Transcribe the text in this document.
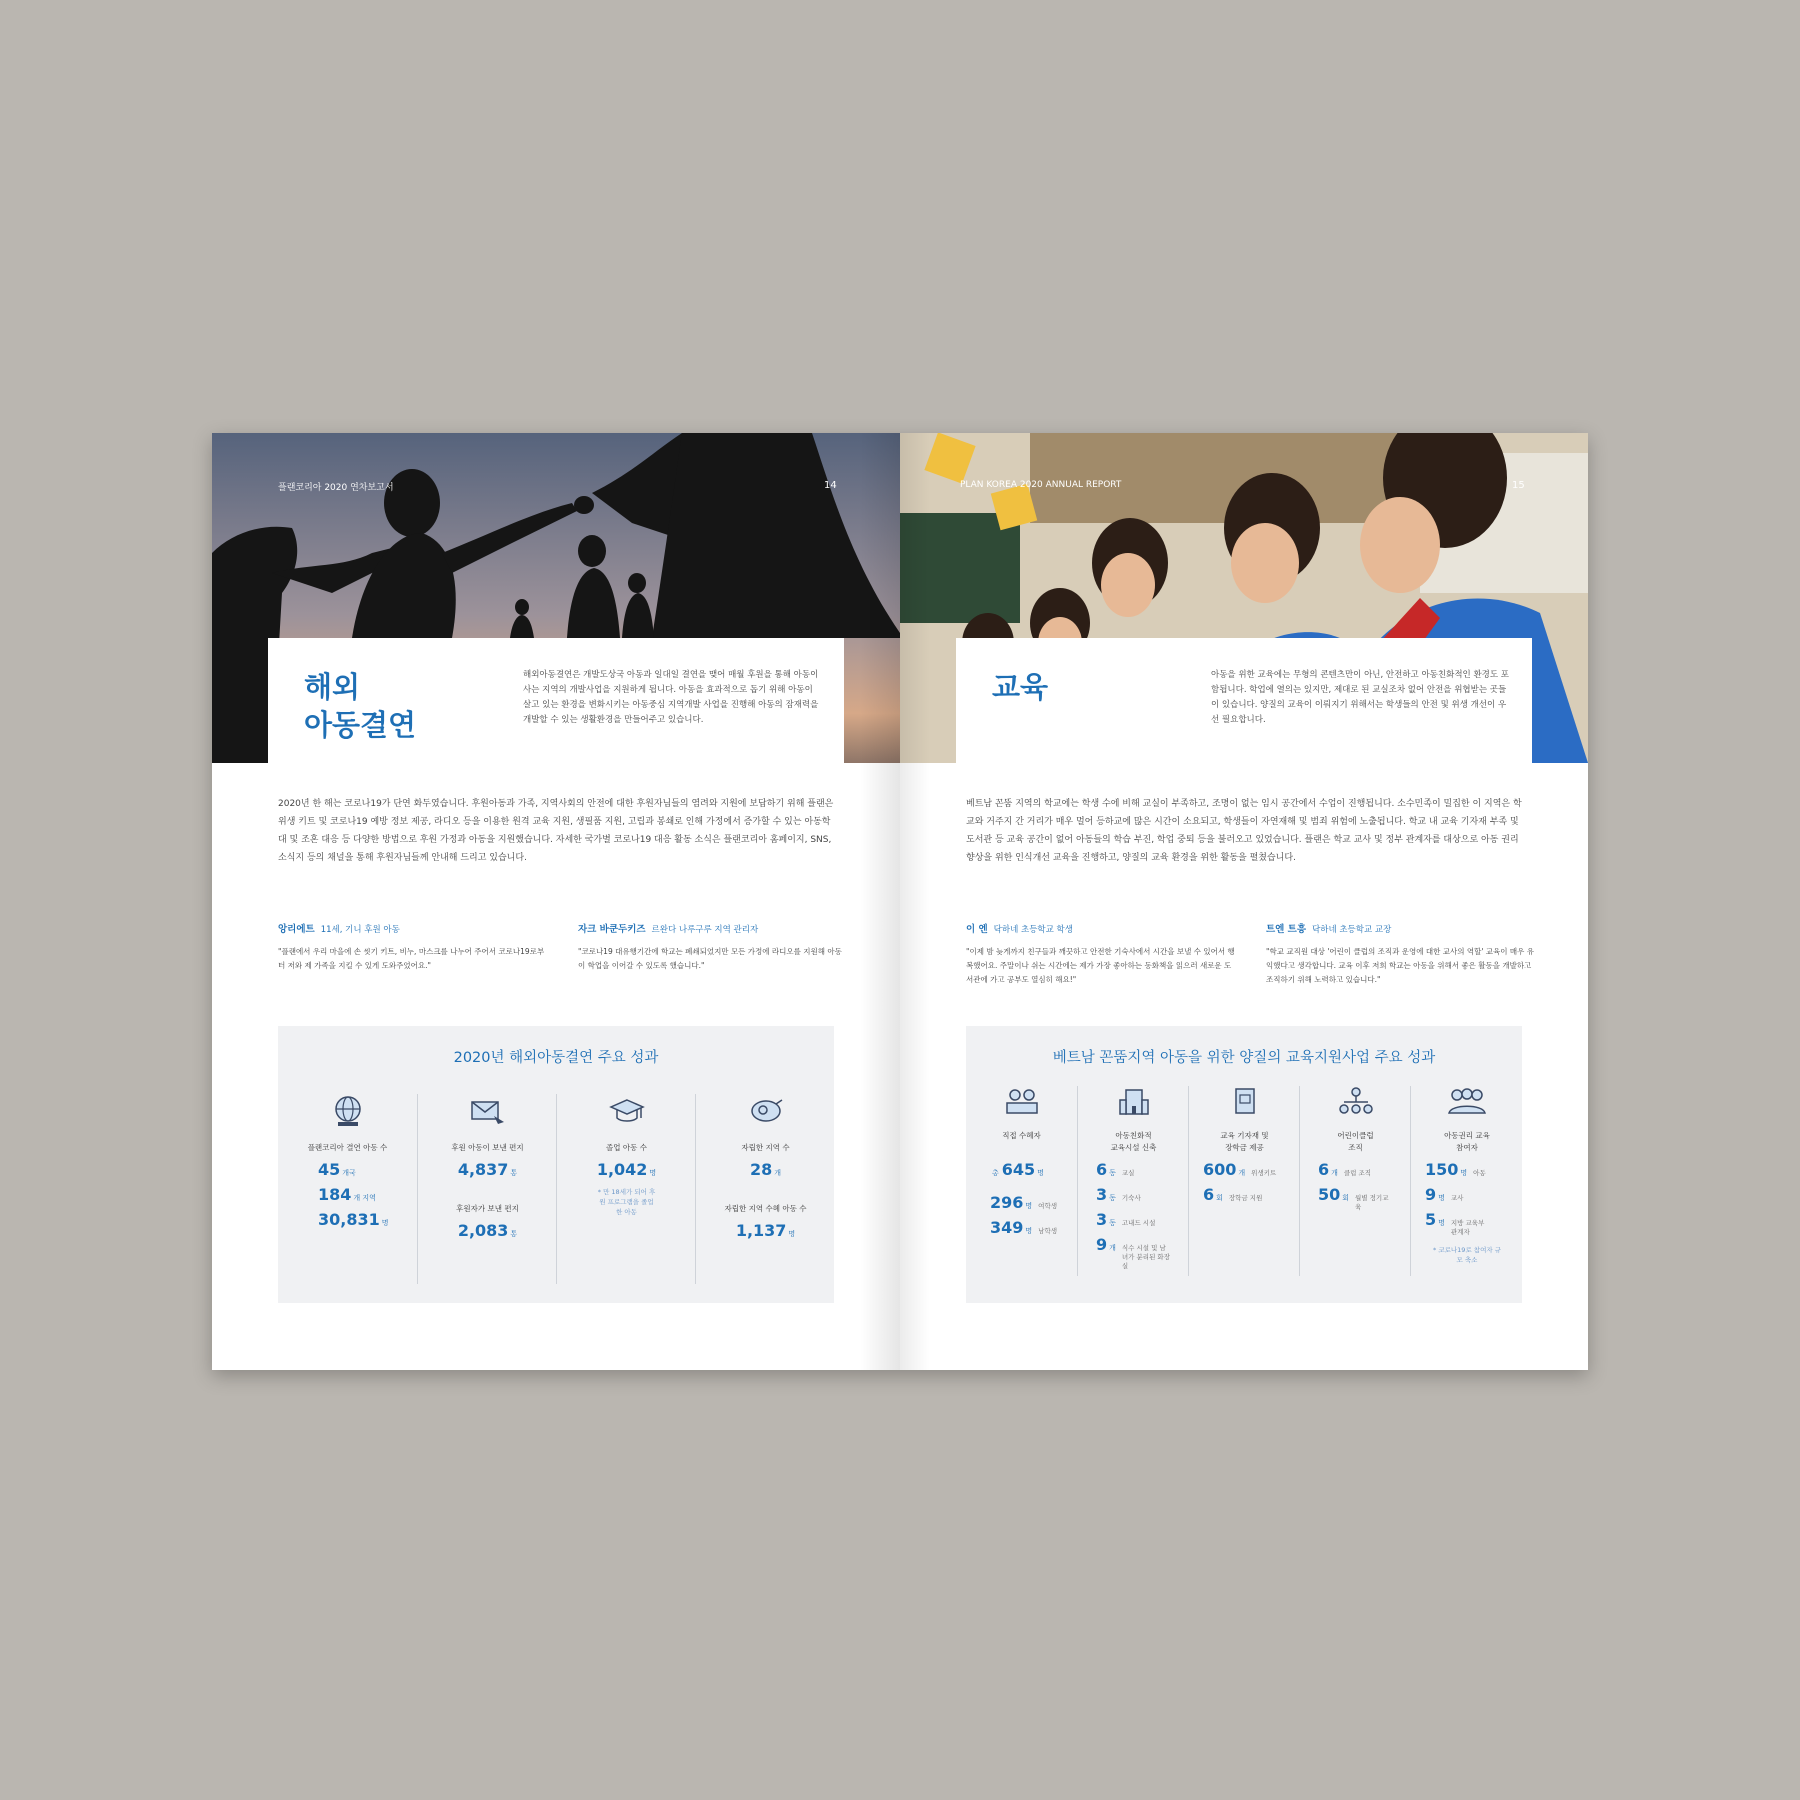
플랜코리아 2020 연차보고서	14
해외
아동결연
해외아동결연은 개발도상국 아동과 일대일 결연을 맺어 매월 후원을 통해 아동이 사는 지역의 개발사업을 지원하게 됩니다. 아동을 효과적으로 돕기 위해 아동이 살고 있는 환경을 변화시키는 아동중심 지역개발 사업을 진행해 아동의 잠재력을 개발할 수 있는 생활환경을 만들어주고 있습니다.
2020년 한 해는 코로나19가 단연 화두였습니다. 후원아동과 가족, 지역사회의 안전에 대한 후원자님들의 염려와 지원에 보답하기 위해 플랜은 위생 키트 및 코로나19 예방 정보 제공, 라디오 등을 이용한 원격 교육 지원, 생필품 지원, 고립과 봉쇄로 인해 가정에서 증가할 수 있는 아동학대 및 조혼 대응 등 다양한 방법으로 후원 가정과 아동을 지원했습니다. 자세한 국가별 코로나19 대응 활동 소식은 플랜코리아 홈페이지, SNS, 소식지 등의 채널을 통해 후원자님들께 안내해 드리고 있습니다.
앙리에트 11세, 기니 후원 아동
"플랜에서 우리 마을에 손 씻기 키트, 비누, 마스크를 나누어 주어서 코로나19로부터 저와 제 가족을 지킬 수 있게 도와주었어요."
자크 바쿤두키즈 르완다 나루구루 지역 관리자
"코로나19 대유행기간에 학교는 폐쇄되었지만 모든 가정에 라디오를 지원해 아동이 학업을 이어갈 수 있도록 했습니다."
2020년 해외아동결연 주요 성과
플랜코리아 결연 아동 수
45 개국
184 개 지역
30,831 명
후원 아동이 보낸 편지
4,837 통
후원자가 보낸 편지
2,083 통
졸업 아동 수
1,042 명
* 만 18세가 되어 후원 프로그램을 졸업한 아동
자립한 지역 수
28 개
자립한 지역 수혜 아동 수
1,137 명
PLAN KOREA 2020 ANNUAL REPORT	15
교육	아동을 위한 교육에는 무형의 콘텐츠만이 아닌, 안전하고 아동친화적인 환경도 포함됩니다. 학업에 열의는 있지만, 제대로 된 교실조차 없어 안전을 위협받는 곳들이 있습니다. 양질의 교육이 이뤄지기 위해서는 학생들의 안전 및 위생 개선이 우선 필요합니다.
베트남 꼰뚬 지역의 학교에는 학생 수에 비해 교실이 부족하고, 조명이 없는 임시 공간에서 수업이 진행됩니다. 소수민족이 밀집한 이 지역은 학교와 거주지 간 거리가 매우 멀어 등하교에 많은 시간이 소요되고, 학생들이 자연재해 및 범죄 위험에 노출됩니다. 학교 내 교육 기자재 부족 및 도서관 등 교육 공간이 없어 아동들의 학습 부진, 학업 중퇴 등을 불러오고 있었습니다. 플랜은 학교 교사 및 정부 관계자를 대상으로 아동 권리 향상을 위한 인식개선 교육을 진행하고, 양질의 교육 환경을 위한 활동을 펼쳤습니다.
이 엔 닥하네 초등학교 학생
"이제 밤 늦게까지 친구들과 깨끗하고 안전한 기숙사에서 시간을 보낼 수 있어서 행복했어요. 주말이나 쉬는 시간에는 제가 가장 좋아하는 동화책을 읽으러 새로운 도서관에 가고 공부도 열심히 해요!"
트엔 트흥 닥하네 초등학교 교장
"학교 교직원 대상 '어린이 클럽의 조직과 운영에 대한 교사의 역할' 교육이 매우 유익했다고 생각합니다. 교육 이후 저희 학교는 아동을 위해서 좋은 활동을 개발하고 조직하기 위해 노력하고 있습니다."
베트남 꼰뚬지역 아동을 위한 양질의 교육지원사업 주요 성과
직접 수혜자
총 645 명
296 명 여학생
349 명 남학생
아동친화적
교육시설 신축
6 동 교실
3 동 기숙사
3 동 고내드 시설
9 개 식수 시설 및 남녀가 분리된 화장실
교육 기자재 및
장학금 제공
600 개 위생키트
6 회 장학금 지원
어린이클럽
조직
6 개 클럽 조직
50 회 월별 정기교육
아동권리 교육
참여자
150 명 아동
9 명 교사
5 명 지방 교육부 관계자
* 코로나19로 참여자 규모 축소
